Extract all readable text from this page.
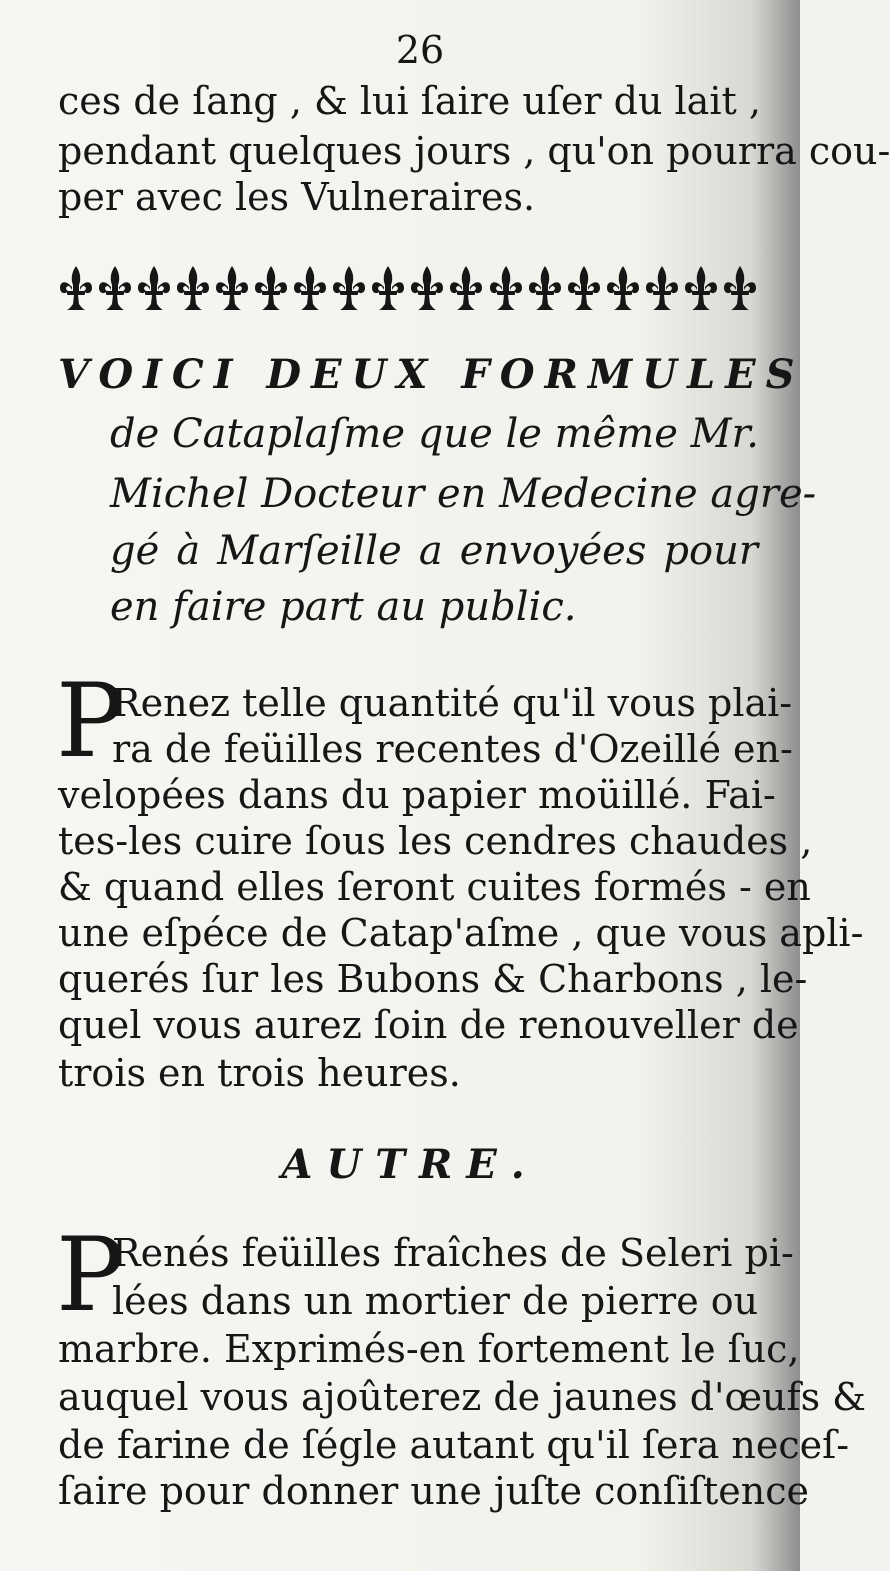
26
ces de ſang , & lui ſaire uſer du lait ,
pendant quelques jours , qu'on pourra cou-
per avec les Vulneraires.
VOICI DEUX FORMULES
de Cataplaſme que le même Mr.
Michel Docteur en Medecine agre-
gé à Marſeille a envoyées pour
en faire part au public.
P
Renez telle quantité qu'il vous plai-
ra de feüilles recentes d'Ozeillé en-
velopées dans du papier moüillé. Fai-
tes-les cuire ſous les cendres chaudes ,
& quand elles ſeront cuites formés - en
une eſpéce de Catap'aſme , que vous apli-
querés ſur les Bubons & Charbons , le-
quel vous aurez ſoin de renouveller de
trois en trois heures.
AUTRE.
P
Renés feüilles fraîches de Seleri pi-
lées dans un mortier de pierre ou
marbre. Exprimés-en fortement le ſuc,
auquel vous ajoûterez de jaunes d'œufs &
de farine de ſégle autant qu'il ſera neceſ-
ſaire pour donner une juſte conſiſtence
